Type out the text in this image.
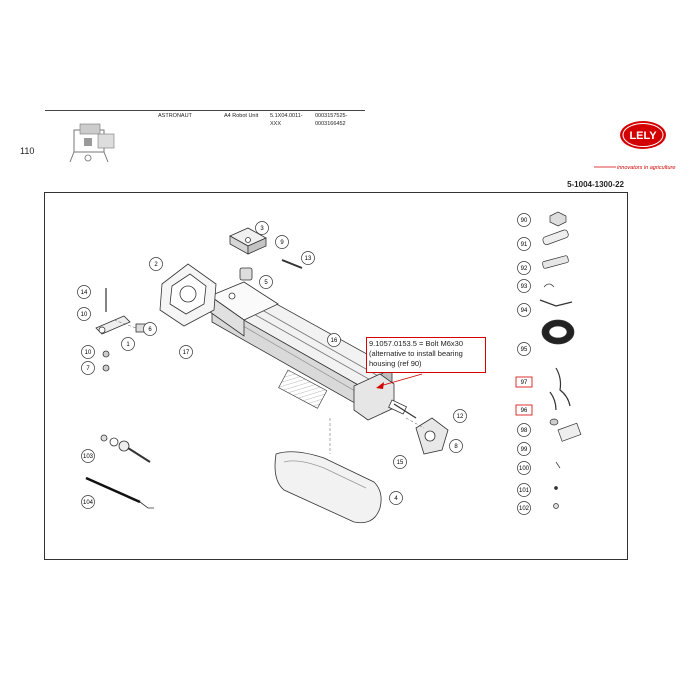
110
ASTRONAUT	A4 Robot Unit 5.1X04.0011-
XXX
0003157525-
0003166452
LELY
innovators in agriculture
5-1004-1300-22
1
2
3
4
5
6
7
8
9
10
10
12
13
14
15
16
17
90
91
92
93
94
95
97
96
98
99
100
101
102
103
104
9.1057.0153.5 = Bolt M6x30
(alternative to install bearing
housing (ref 90)
